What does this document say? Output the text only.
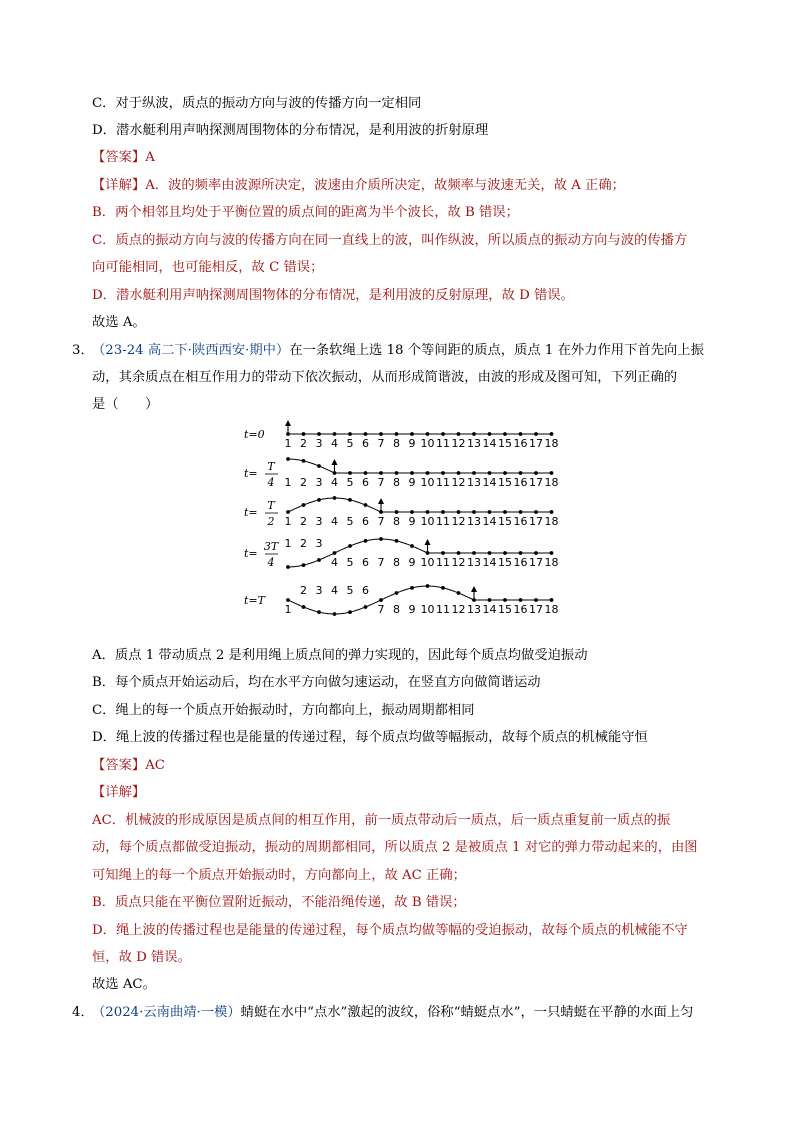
C．对于纵波，质点的振动方向与波的传播方向一定相同
D．潜水艇利用声呐探测周围物体的分布情况，是利用波的折射原理
【答案】A
【详解】A．波的频率由波源所决定，波速由介质所决定，故频率与波速无关，故 A 正确；
B．两个相邻且均处于平衡位置的质点间的距离为半个波长，故 B 错误；
C．质点的振动方向与波的传播方向在同一直线上的波，叫作纵波，所以质点的振动方向与波的传播方
向可能相同，也可能相反，故 C 错误；
D．潜水艇利用声呐探测周围物体的分布情况，是利用波的反射原理，故 D 错误。
故选 A。
3．
（23-24 高二下·陕西西安·期中）在一条软绳上选 18 个等间距的质点，质点 1 在外力作用下首先向上振
动，其余质点在相互作用力的带动下依次振动，从而形成简谐波，由波的形成及图可知，下列正确的
是（　　）
t=0
1 2 3 4 5 6 7 8 9 10 11 12 13 14 15 16 17 18
t=
T
4 1 2 3 4 5 6 7 8 9 10 11 12 13 14 15 16 17 18
t=
T
2 1 2 3 4 5 6 7 8 9 10 11 12 13 14 15 16 17 18
t=
3T
4
1 2 3
4 5 6 7 8 9 10 11 12 13 14 15 16 17 18
t=T
1
2 3 4 5 6
7 8 9 10 11 12 13 14 15 16 17 18
A．质点 1 带动质点 2 是利用绳上质点间的弹力实现的，因此每个质点均做受迫振动
B．每个质点开始运动后，均在水平方向做匀速运动，在竖直方向做简谐运动
C．绳上的每一个质点开始振动时，方向都向上，振动周期都相同
D．绳上波的传播过程也是能量的传递过程，每个质点均做等幅振动，故每个质点的机械能守恒
【答案】AC
【详解】
AC．机械波的形成原因是质点间的相互作用，前一质点带动后一质点，后一质点重复前一质点的振
动，每个质点都做受迫振动，振动的周期都相同，所以质点 2 是被质点 1 对它的弹力带动起来的，由图
可知绳上的每一个质点开始振动时，方向都向上，故 AC 正确；
B．质点只能在平衡位置附近振动，不能沿绳传递，故 B 错误；
D．绳上波的传播过程也是能量的传递过程，每个质点均做等幅的受迫振动，故每个质点的机械能不守
恒，故 D 错误。
故选 AC。
4．
（2024·云南曲靖·一模）蜻蜓在水中“点水”激起的波纹，俗称“蜻蜓点水”，一只蜻蜓在平静的水面上匀
